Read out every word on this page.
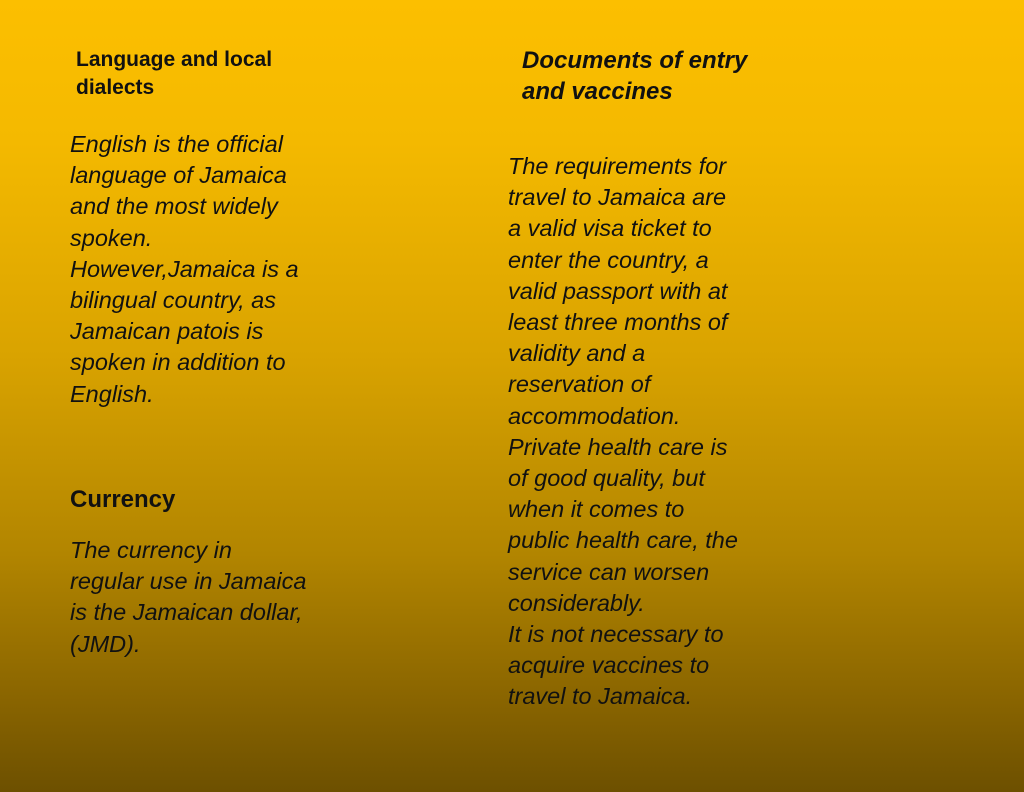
Language and local
dialects
English is the official
language of Jamaica
and the most widely
spoken.
However,Jamaica is a
bilingual country, as
Jamaican patois is
spoken in addition to
English.
Currency
The currency in
regular use in Jamaica
is the Jamaican dollar,
(JMD).
Documents of entry
and vaccines
The requirements for
travel to Jamaica are
a valid visa ticket to
enter the country, a
valid passport with at
least three months of
validity and a
reservation of
accommodation.
Private health care is
of good quality, but
when it comes to
public health care, the
service can worsen
considerably.
It is not necessary to
acquire vaccines to
travel to Jamaica.
